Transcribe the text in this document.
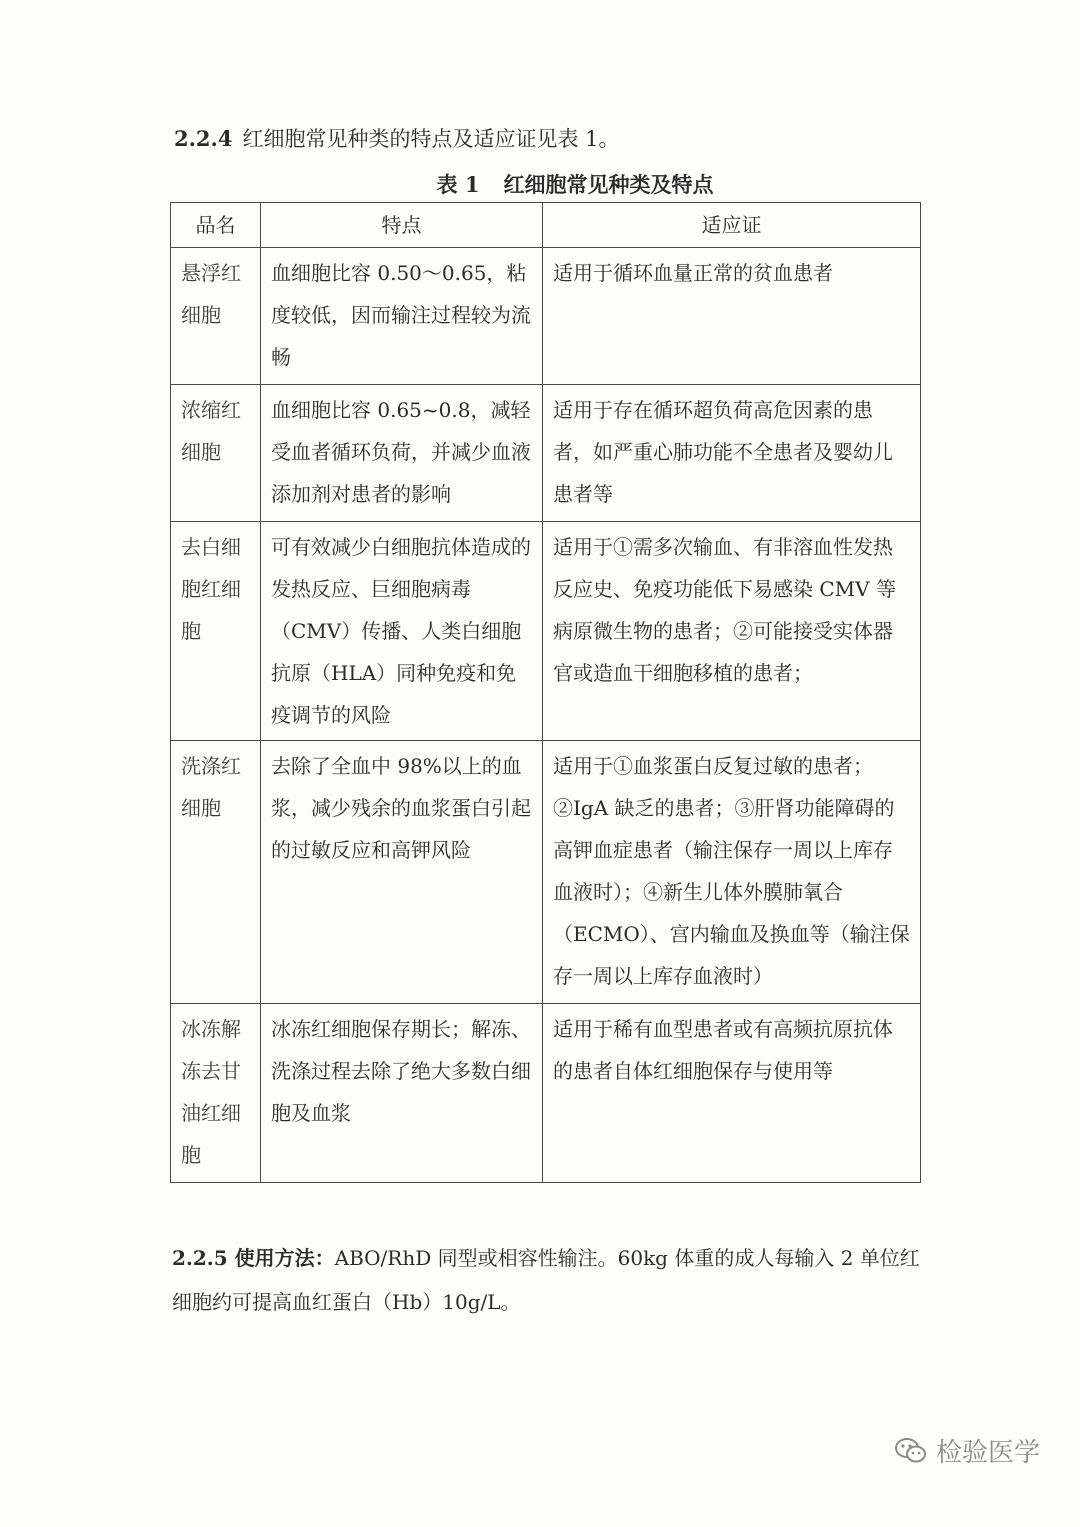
2.2.4 红细胞常见种类的特点及适应证见表 1。
表 1 红细胞常见种类及特点
品名	特点	适应证
悬浮红细胞	血细胞比容 0.50～0.65，粘度较低，因而输注过程较为流畅	适用于循环血量正常的贫血患者
浓缩红细胞	血细胞比容 0.65~0.8，减轻受血者循环负荷，并减少血液添加剂对患者的影响	适用于存在循环超负荷高危因素的患者，如严重心肺功能不全患者及婴幼儿患者等
去白细胞红细胞	可有效减少白细胞抗体造成的发热反应、巨细胞病毒（CMV）传播、人类白细胞抗原（HLA）同种免疫和免疫调节的风险	适用于①需多次输血、有非溶血性发热反应史、免疫功能低下易感染 CMV 等病原微生物的患者；②可能接受实体器官或造血干细胞移植的患者；
洗涤红细胞	去除了全血中 98%以上的血浆，减少残余的血浆蛋白引起的过敏反应和高钾风险	适用于①血浆蛋白反复过敏的患者；②IgA 缺乏的患者；③肝肾功能障碍的高钾血症患者（输注保存一周以上库存血液时）；④新生儿体外膜肺氧合（ECMO）、宫内输血及换血等（输注保存一周以上库存血液时）
冰冻解冻去甘油红细胞	冰冻红细胞保存期长；解冻、洗涤过程去除了绝大多数白细胞及血浆	适用于稀有血型患者或有高频抗原抗体的患者自体红细胞保存与使用等
2.2.5 使用方法：ABO/RhD 同型或相容性输注。60kg 体重的成人每输入 2 单位红细胞约可提高血红蛋白（Hb）10g/L。
检验医学
